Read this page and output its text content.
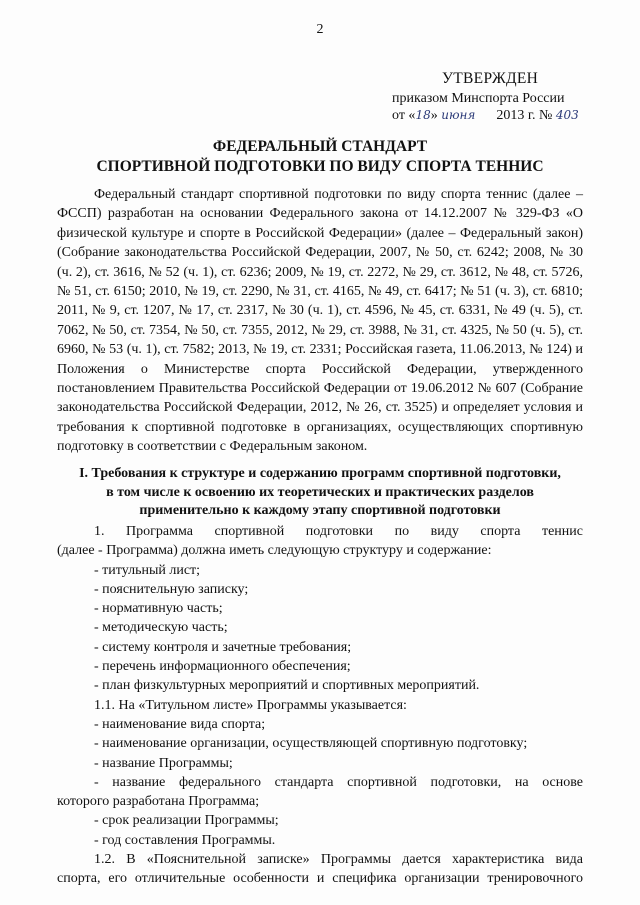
2
УТВЕРЖДЕН
приказом Минспорта России
от «18» июня 2013 г. № 403
ФЕДЕРАЛЬНЫЙ СТАНДАРТ
СПОРТИВНОЙ ПОДГОТОВКИ ПО ВИДУ СПОРТА ТЕННИС
Федеральный стандарт спортивной подготовки по виду спорта теннис (далее – ФССП) разработан на основании Федерального закона от 14.12.2007 № 329-ФЗ «О физической культуре и спорте в Российской Федерации» (далее – Федеральный закон) (Собрание законодательства Российской Федерации, 2007, № 50, ст. 6242; 2008, № 30 (ч. 2), ст. 3616, № 52 (ч. 1), ст. 6236; 2009, № 19, ст. 2272, № 29, ст. 3612, № 48, ст. 5726, № 51, ст. 6150; 2010, № 19, ст. 2290, № 31, ст. 4165, № 49, ст. 6417; № 51 (ч. 3), ст. 6810; 2011, № 9, ст. 1207, № 17, ст. 2317, № 30 (ч. 1), ст. 4596, № 45, ст. 6331, № 49 (ч. 5), ст. 7062, № 50, ст. 7354, № 50, ст. 7355, 2012, № 29, ст. 3988, № 31, ст. 4325, № 50 (ч. 5), ст. 6960, № 53 (ч. 1), ст. 7582; 2013, № 19, ст. 2331; Российская газета, 11.06.2013, № 124) и Положения о Министерстве спорта Российской Федерации, утвержденного постановлением Правительства Российской Федерации от 19.06.2012 № 607 (Собрание законодательства Российской Федерации, 2012, № 26, ст. 3525) и определяет условия и требования к спортивной подготовке в организациях, осуществляющих спортивную подготовку в соответствии с Федеральным законом.
I. Требования к структуре и содержанию программ спортивной подготовки,
в том числе к освоению их теоретических и практических разделов
применительно к каждому этапу спортивной подготовки

1. Программа спортивной подготовки по виду спорта теннис

(далее - Программа) должна иметь следующую структуру и содержание:

- титульный лист;

- пояснительную записку;

- нормативную часть;

- методическую часть;

- систему контроля и зачетные требования;

- перечень информационного обеспечения;

- план физкультурных мероприятий и спортивных мероприятий.

1.1. На «Титульном листе» Программы указывается:

- наименование вида спорта;

- наименование организации, осуществляющей спортивную подготовку;

- название Программы;

- название федерального стандарта спортивной подготовки, на основе

которого разработана Программа;

- срок реализации Программы;

- год составления Программы.

1.2. В «Пояснительной записке» Программы дается характеристика вида

спорта, его отличительные особенности и специфика организации тренировочного
